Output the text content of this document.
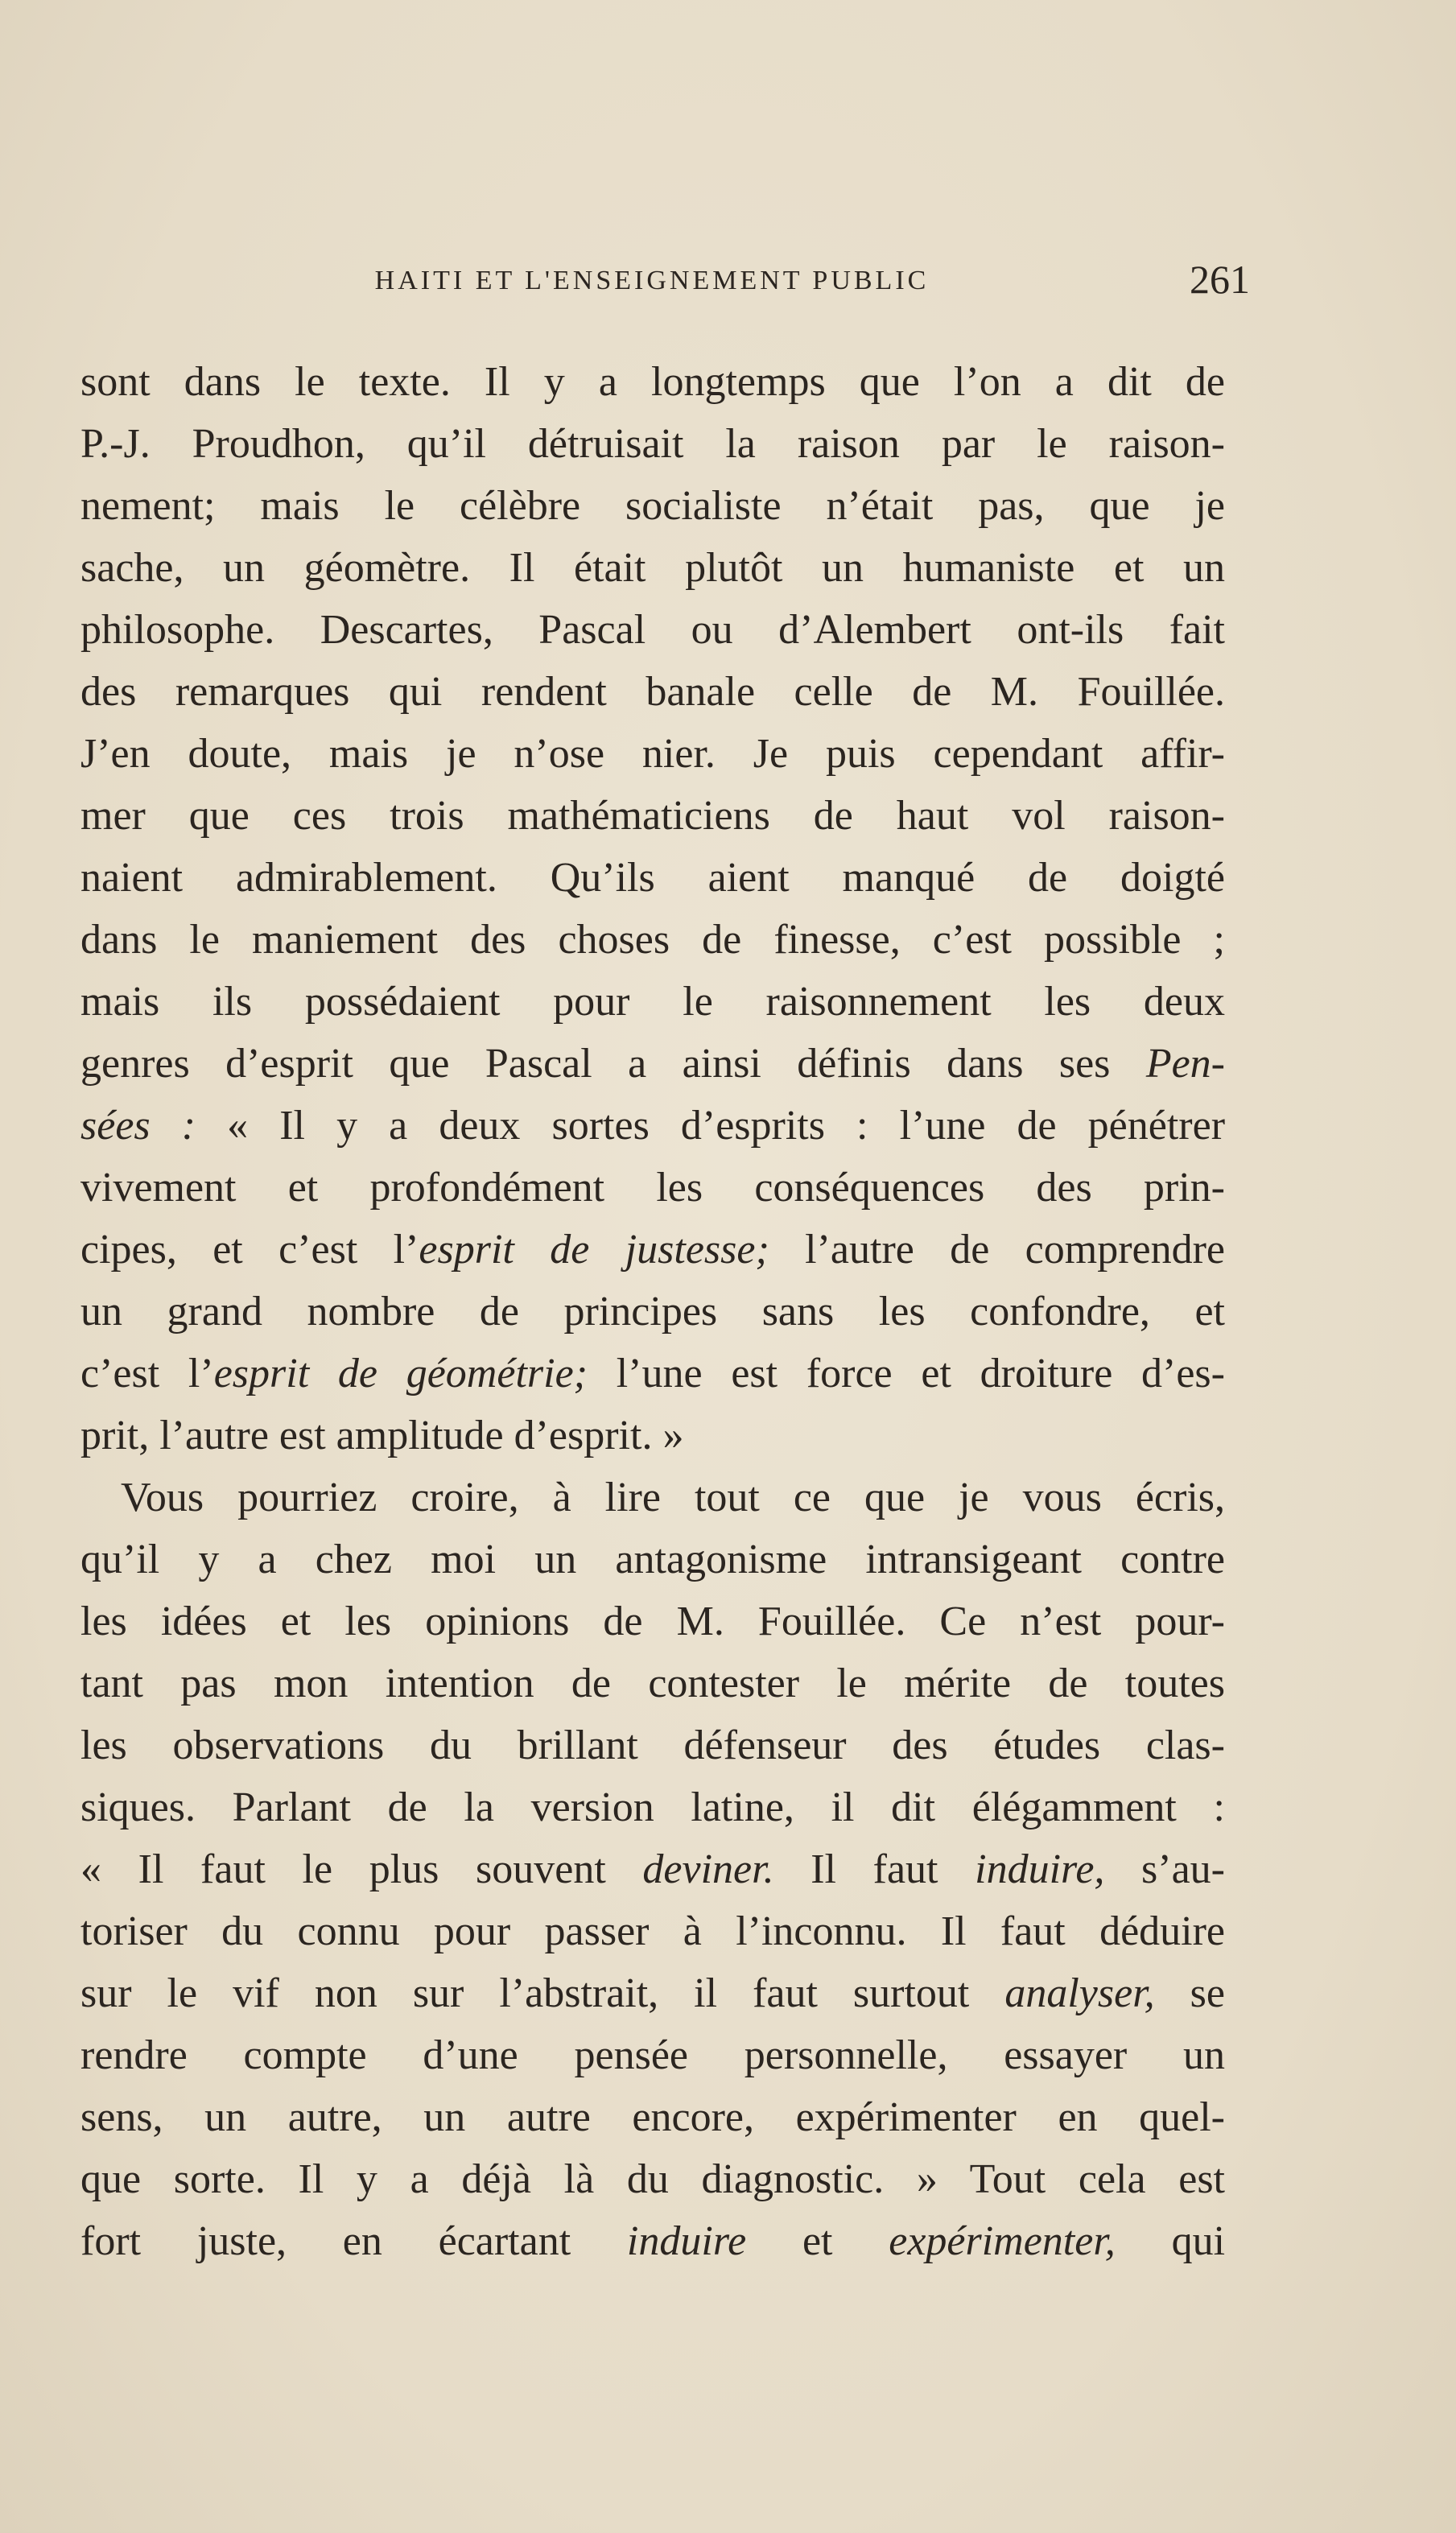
HAITI ET L'ENSEIGNEMENT PUBLIC	261
sont dans le texte. Il y a longtemps que l’on a dit de
P.-J. Proudhon, qu’il détruisait la raison par le raison-
nement; mais le célèbre socialiste n’était pas, que je
sache, un géomètre. Il était plutôt un humaniste et un
philosophe. Descartes, Pascal ou d’Alembert ont-ils fait
des remarques qui rendent banale celle de M. Fouillée.
J’en doute, mais je n’ose nier. Je puis cependant affir-
mer que ces trois mathématiciens de haut vol raison-
naient admirablement. Qu’ils aient manqué de doigté
dans le maniement des choses de finesse, c’est possible ;
mais ils possédaient pour le raisonnement les deux
genres d’esprit que Pascal a ainsi définis dans ses Pen-
sées : « Il y a deux sortes d’esprits : l’une de pénétrer
vivement et profondément les conséquences des prin-
cipes, et c’est l’esprit de justesse; l’autre de comprendre
un grand nombre de principes sans les confondre, et
c’est l’esprit de géométrie; l’une est force et droiture d’es-
prit, l’autre est amplitude d’esprit. »
Vous pourriez croire, à lire tout ce que je vous écris,
qu’il y a chez moi un antagonisme intransigeant contre
les idées et les opinions de M. Fouillée. Ce n’est pour-
tant pas mon intention de contester le mérite de toutes
les observations du brillant défenseur des études clas-
siques. Parlant de la version latine, il dit élégamment :
« Il faut le plus souvent deviner. Il faut induire, s’au-
toriser du connu pour passer à l’inconnu. Il faut déduire
sur le vif non sur l’abstrait, il faut surtout analyser, se
rendre compte d’une pensée personnelle, essayer un
sens, un autre, un autre encore, expérimenter en quel-
que sorte. Il y a déjà là du diagnostic. » Tout cela est
fort juste, en écartant induire et expérimenter, qui
